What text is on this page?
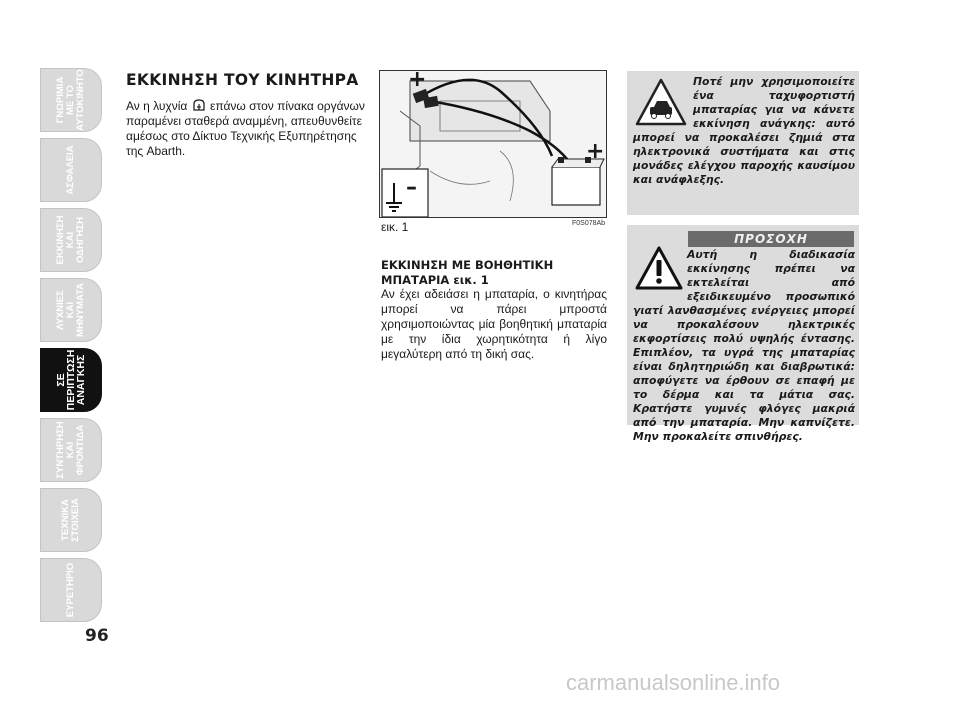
ΓΝΩΡΙΜΙΑ
ΜΕ ΤΟ
ΑΥΤΟΚΙΝΗΤΟ
ΑΣΦΑΛΕΙΑ
ΕΚΚΙΝΗΣΗ
ΚΑΙ
ΟΔΗΓΗΣΗ
ΛΥΧΝΙΕΣ
ΚΑΙ
ΜΗΝΥΜΑΤΑ
ΣΕ
ΠΕΡΙΠΤΩΣΗ
ΑΝΑΓΚΗΣ
ΣΥΝΤΗΡΗΣΗ
ΚΑΙ
ΦΡΟΝΤΙΔΑ
ΤΕΧΝΙΚΑ
ΣΤΟΙΧΕΙΑ
ΕΥΡΕΤΗΡΙΟ
96
ΕΚΚΙΝΗΣΗ ΤΟΥ ΚΙΝΗΤΗΡΑ

Αν η λυχνία επάνω στον πίνακα οργάνων παραμένει σταθερά αναμμένη, απευθυνθείτε αμέσως στο Δίκτυο Τεχνικής Εξυπηρέτησης της Abarth.

+
+
–
εικ. 1	F0S078Ab
ΕΚΚΙΝΗΣΗ ΜΕ ΒΟΗΘΗΤΙΚΗ ΜΠΑΤΑΡΙΑ εικ. 1

Αν έχει αδειάσει η μπαταρία, ο κινητήρας μπορεί να πάρει μπροστά χρησιμοποιώντας μία βοηθητική μπαταρία με την ίδια χωρητικότητα ή λίγο μεγαλύτερη από τη δική σας.

Ποτέ μην χρησιμοποιείτε ένα ταχυφορτιστή μπαταρίας για να κάνετε εκκίνηση ανάγκης: αυτό μπορεί να προκαλέσει ζημιά στα ηλεκτρονικά συστήματα και στις μονάδες ελέγχου παροχής καυσίμου και ανάφλεξης.

Αυτή η διαδικασία εκκίνησης πρέπει να εκτελείται από εξειδικευμένο προσωπικό γιατί λανθασμένες ενέργειες μπορεί να προκαλέσουν ηλεκτρικές εκφορτίσεις πολύ υψηλής έντασης. Επιπλέον, τα υγρά της μπαταρίας είναι δηλητηριώδη και διαβρωτικά: αποφύγετε να έρθουν σε επαφή με το δέρμα και τα μάτια σας. Κρατήστε γυμνές φλόγες μακριά από την μπαταρία. Μην καπνίζετε. Μην προκαλείτε σπινθήρες.

ΠΡΟΣΟΧΗ
carmanualsonline.info
